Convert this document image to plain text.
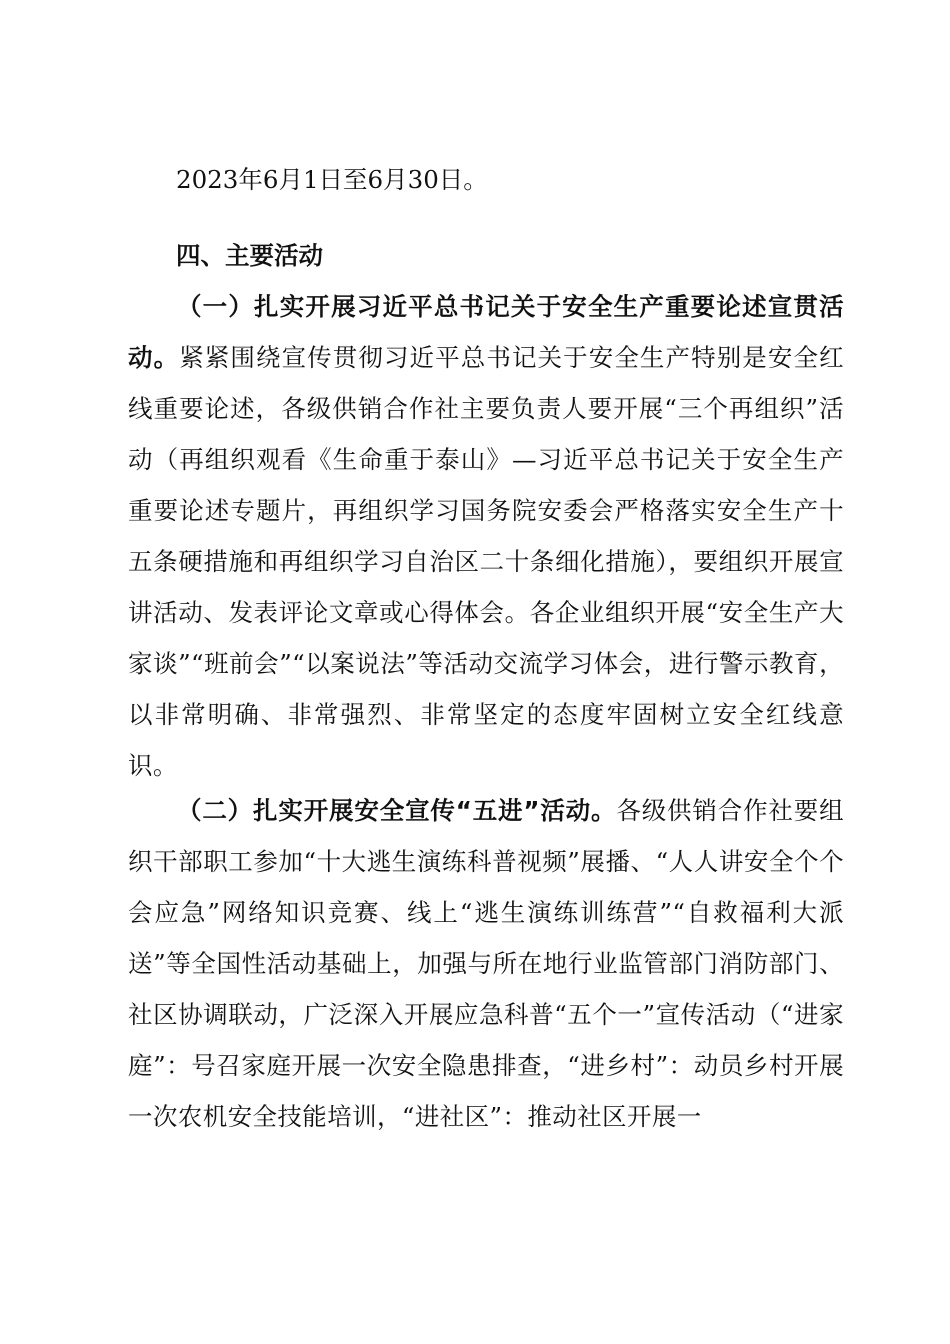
2023年6月1日至6月30日。
四、主要活动
（一）扎实开展习近平总书记关于安全生产重要论述宣贯活动。紧紧围绕宣传贯彻习近平总书记关于安全生产特别是安全红线重要论述，各级供销合作社主要负责人要开展“三个再组织”活动（再组织观看《生命重于泰山》—习近平总书记关于安全生产重要论述专题片，再组织学习国务院安委会严格落实安全生产十五条硬措施和再组织学习自治区二十条细化措施），要组织开展宣讲活动、发表评论文章或心得体会。各企业组织开展“安全生产大家谈”“班前会”“以案说法”等活动交流学习体会，进行警示教育，以非常明确、非常强烈、非常坚定的态度牢固树立安全红线意识。
（二）扎实开展安全宣传“五进”活动。各级供销合作社要组织干部职工参加“十大逃生演练科普视频”展播、“人人讲安全个个会应急”网络知识竞赛、线上“逃生演练训练营”“自救福利大派送”等全国性活动基础上，加强与所在地行业监管部门消防部门、社区协调联动，广泛深入开展应急科普“五个一”宣传活动（“进家庭”：号召家庭开展一次安全隐患排查，“进乡村”：动员乡村开展一次农机安全技能培训，“进社区”：推动社区开展一
